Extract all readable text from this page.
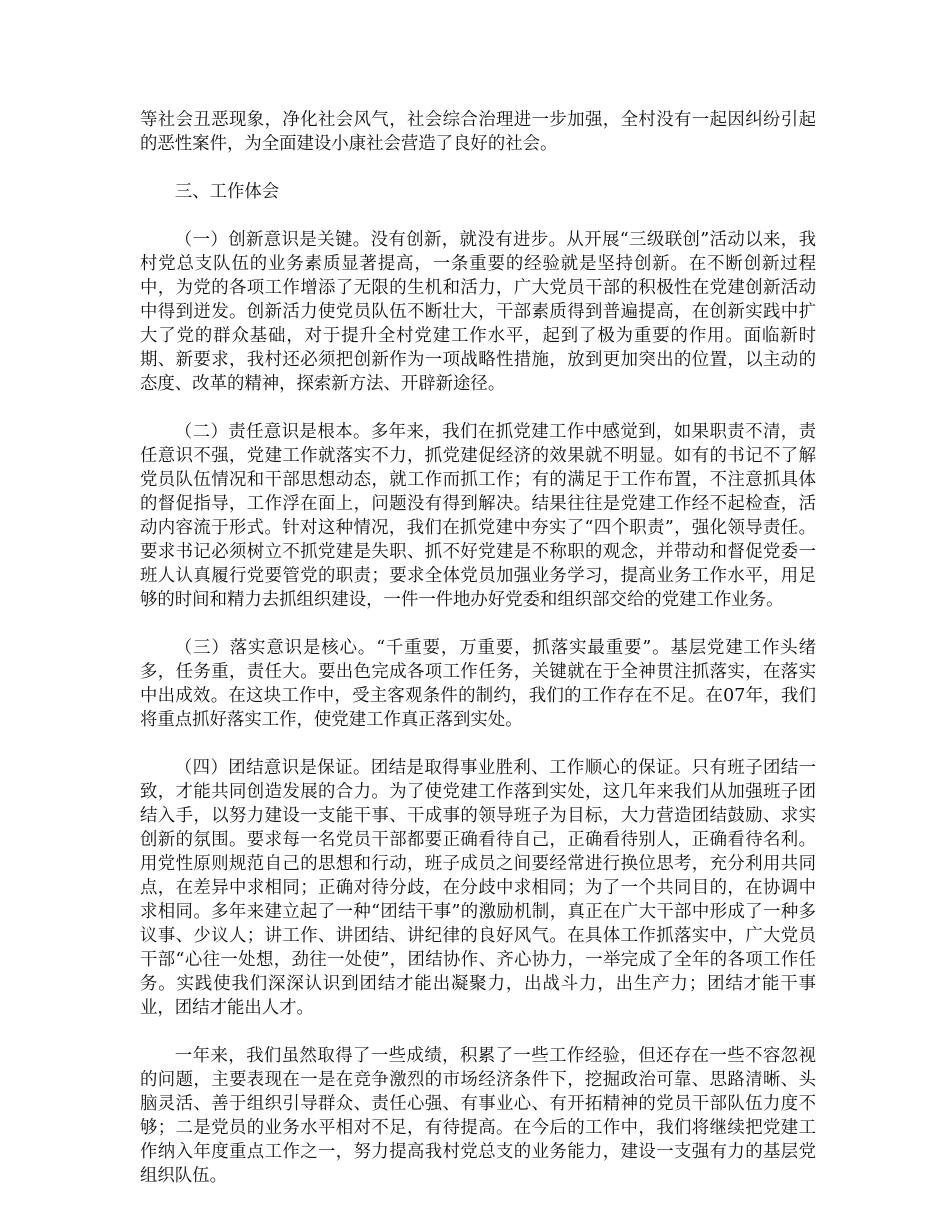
等社会丑恶现象，净化社会风气，社会综合治理进一步加强，全村没有一起因纠纷引起的恶性案件，为全面建设小康社会营造了良好的社会。

三、工作体会

（一）创新意识是关键。没有创新，就没有进步。从开展“三级联创”活动以来，我村党总支队伍的业务素质显著提高，一条重要的经验就是坚持创新。在不断创新过程中，为党的各项工作增添了无限的生机和活力，广大党员干部的积极性在党建创新活动中得到迸发。创新活力使党员队伍不断壮大，干部素质得到普遍提高，在创新实践中扩大了党的群众基础，对于提升全村党建工作水平，起到了极为重要的作用。面临新时期、新要求，我村还必须把创新作为一项战略性措施，放到更加突出的位置，以主动的态度、改革的精神，探索新方法、开辟新途径。

（二）责任意识是根本。多年来，我们在抓党建工作中感觉到，如果职责不清，责任意识不强，党建工作就落实不力，抓党建促经济的效果就不明显。如有的书记不了解党员队伍情况和干部思想动态，就工作而抓工作；有的满足于工作布置，不注意抓具体的督促指导，工作浮在面上，问题没有得到解决。结果往往是党建工作经不起检查，活动内容流于形式。针对这种情况，我们在抓党建中夯实了“四个职责”，强化领导责任。要求书记必须树立不抓党建是失职、抓不好党建是不称职的观念，并带动和督促党委一班人认真履行党要管党的职责；要求全体党员加强业务学习，提高业务工作水平，用足够的时间和精力去抓组织建设，一件一件地办好党委和组织部交给的党建工作业务。

（三）落实意识是核心。“千重要，万重要，抓落实最重要”。基层党建工作头绪多，任务重，责任大。要出色完成各项工作任务，关键就在于全神贯注抓落实，在落实中出成效。在这块工作中，受主客观条件的制约，我们的工作存在不足。在07年，我们将重点抓好落实工作，使党建工作真正落到实处。

（四）团结意识是保证。团结是取得事业胜利、工作顺心的保证。只有班子团结一致，才能共同创造发展的合力。为了使党建工作落到实处，这几年来我们从加强班子团结入手，以努力建设一支能干事、干成事的领导班子为目标，大力营造团结鼓励、求实创新的氛围。要求每一名党员干部都要正确看待自己，正确看待别人，正确看待名利。用党性原则规范自己的思想和行动，班子成员之间要经常进行换位思考，充分利用共同点，在差异中求相同；正确对待分歧，在分歧中求相同；为了一个共同目的，在协调中求相同。多年来建立起了一种“团结干事”的激励机制，真正在广大干部中形成了一种多议事、少议人；讲工作、讲团结、讲纪律的良好风气。在具体工作抓落实中，广大党员干部“心往一处想，劲往一处使”，团结协作、齐心协力，一举完成了全年的各项工作任务。实践使我们深深认识到团结才能出凝聚力，出战斗力，出生产力；团结才能干事业，团结才能出人才。

一年来，我们虽然取得了一些成绩，积累了一些工作经验，但还存在一些不容忽视的问题，主要表现在一是在竞争激烈的市场经济条件下，挖掘政治可靠、思路清晰、头脑灵活、善于组织引导群众、责任心强、有事业心、有开拓精神的党员干部队伍力度不够；二是党员的业务水平相对不足，有待提高。在今后的工作中，我们将继续把党建工作纳入年度重点工作之一，努力提高我村党总支的业务能力，建设一支强有力的基层党组织队伍。
